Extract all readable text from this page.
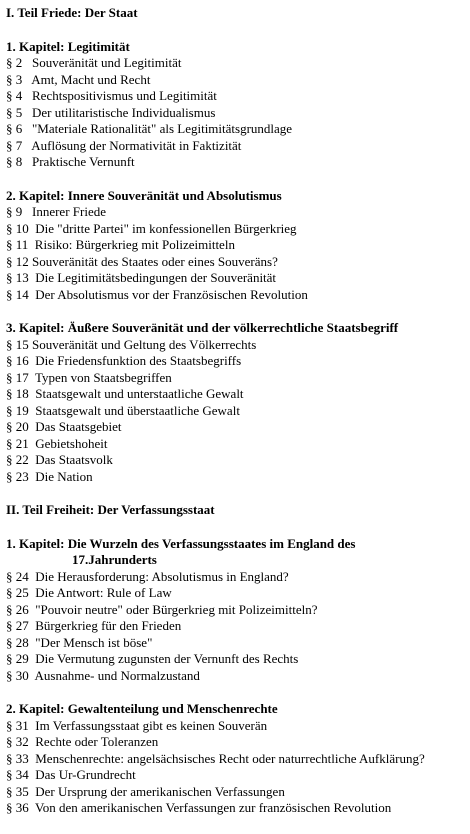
I. Teil Friede: Der Staat
1. Kapitel: Legitimität
§ 2 Souveränität und Legitimität
§ 3 Amt, Macht und Recht
§ 4 Rechtspositivismus und Legitimität
§ 5 Der utilitaristische Individualismus
§ 6 "Materiale Rationalität" als Legitimitätsgrundlage
§ 7 Auflösung der Normativität in Faktizität
§ 8 Praktische Vernunft
2. Kapitel: Innere Souveränität und Absolutismus
§ 9 Innerer Friede
§ 10 Die "dritte Partei" im konfessionellen Bürgerkrieg
§ 11 Risiko: Bürgerkrieg mit Polizeimitteln
§ 12 Souveränität des Staates oder eines Souveräns?
§ 13 Die Legitimitätsbedingungen der Souveränität
§ 14 Der Absolutismus vor der Französischen Revolution
3. Kapitel: Äußere Souveränität und der völkerrechtliche Staatsbegriff
§ 15 Souveränität und Geltung des Völkerrechts
§ 16 Die Friedensfunktion des Staatsbegriffs
§ 17 Typen von Staatsbegriffen
§ 18 Staatsgewalt und unterstaatliche Gewalt
§ 19 Staatsgewalt und überstaatliche Gewalt
§ 20 Das Staatsgebiet
§ 21 Gebietshoheit
§ 22 Das Staatsvolk
§ 23 Die Nation
II. Teil Freiheit: Der Verfassungsstaat
1. Kapitel: Die Wurzeln des Verfassungsstaates im England des
17.Jahrunderts
§ 24 Die Herausforderung: Absolutismus in England?
§ 25 Die Antwort: Rule of Law
§ 26 "Pouvoir neutre" oder Bürgerkrieg mit Polizeimitteln?
§ 27 Bürgerkrieg für den Frieden
§ 28 "Der Mensch ist böse"
§ 29 Die Vermutung zugunsten der Vernunft des Rechts
§ 30 Ausnahme- und Normalzustand
2. Kapitel: Gewaltenteilung und Menschenrechte
§ 31 Im Verfassungsstaat gibt es keinen Souverän
§ 32 Rechte oder Toleranzen
§ 33 Menschenrechte: angelsächsisches Recht oder naturrechtliche Aufklärung?
§ 34 Das Ur-Grundrecht
§ 35 Der Ursprung der amerikanischen Verfassungen
§ 36 Von den amerikanischen Verfassungen zur französischen Revolution
